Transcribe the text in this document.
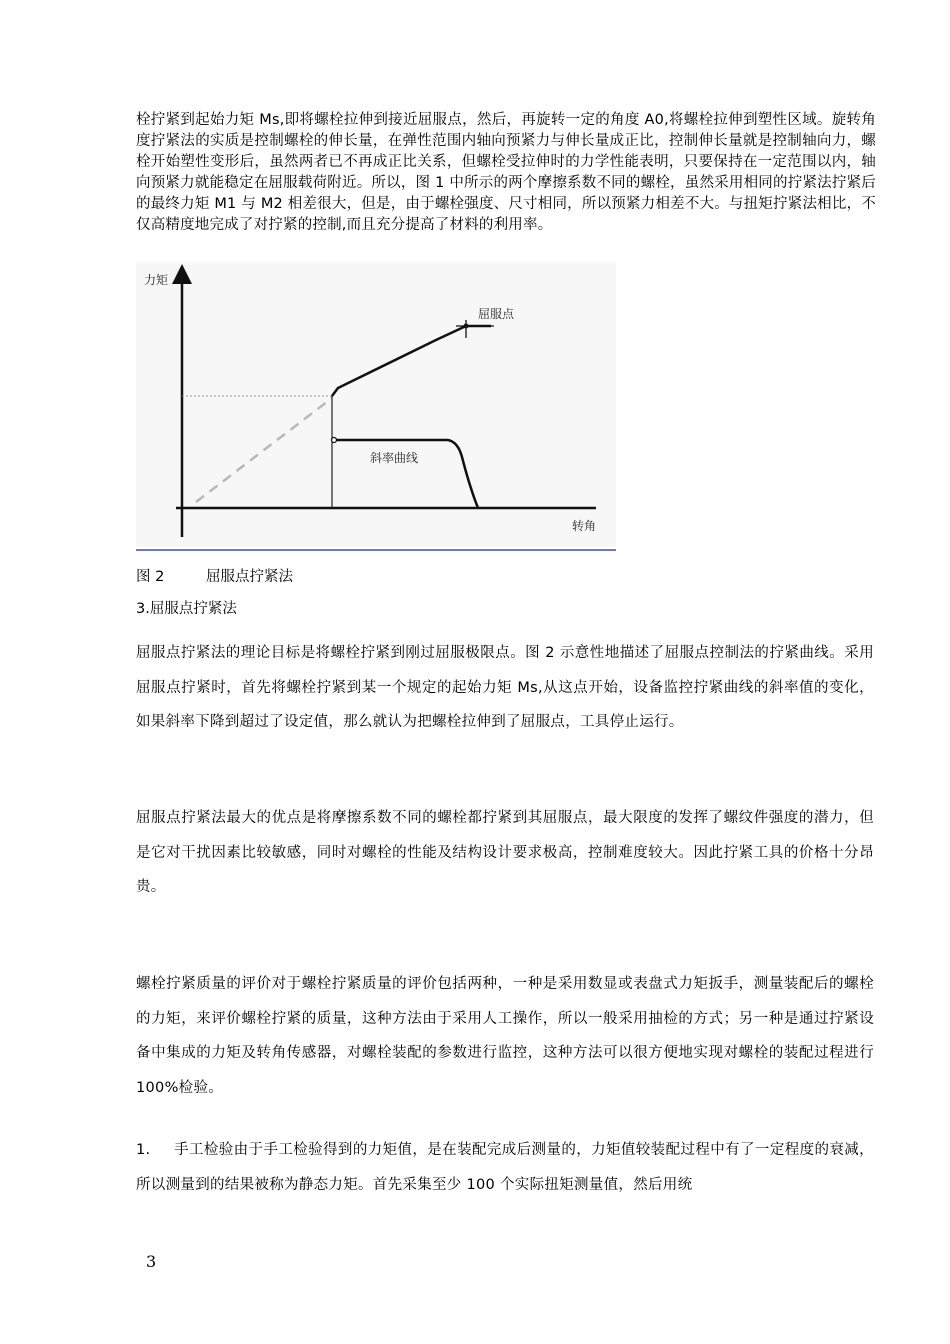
栓拧紧到起始力矩 Ms,即将螺栓拉伸到接近屈服点，然后，再旋转一定的角度 A0,将螺栓拉伸到塑性区域。旋转角度拧紧法的实质是控制螺栓的伸长量，在弹性范围内轴向预紧力与伸长量成正比，控制伸长量就是控制轴向力，螺栓开始塑性变形后，虽然两者已不再成正比关系，但螺栓受拉伸时的力学性能表明，只要保持在一定范围以内，轴向预紧力就能稳定在屈服载荷附近。所以，图 1 中所示的两个摩擦系数不同的螺栓，虽然采用相同的拧紧法拧紧后的最终力矩 M1 与 M2 相差很大，但是，由于螺栓强度、尺寸相同，所以预紧力相差不大。与扭矩拧紧法相比，不仅高精度地完成了对拧紧的控制,而且充分提高了材料的利用率。

力矩
屈服点
斜率曲线
转角
图 2	屈服点拧紧法
3.屈服点拧紧法

屈服点拧紧法的理论目标是将螺栓拧紧到刚过屈服极限点。图 2 示意性地描述了屈服点控制法的拧紧曲线。采用屈服点拧紧时，首先将螺栓拧紧到某一个规定的起始力矩 Ms,从这点开始，设备监控拧紧曲线的斜率值的变化，如果斜率下降到超过了设定值，那么就认为把螺栓拉伸到了屈服点，工具停止运行。

屈服点拧紧法最大的优点是将摩擦系数不同的螺栓都拧紧到其屈服点，最大限度的发挥了螺纹件强度的潜力，但是它对干扰因素比较敏感，同时对螺栓的性能及结构设计要求极高，控制难度较大。因此拧紧工具的价格十分昂贵。

螺栓拧紧质量的评价对于螺栓拧紧质量的评价包括两种，一种是采用数显或表盘式力矩扳手，测量装配后的螺栓的力矩，来评价螺栓拧紧的质量，这种方法由于采用人工操作，所以一般采用抽检的方式；另一种是通过拧紧设备中集成的力矩及转角传感器，对螺栓装配的参数进行监控，这种方法可以很方便地实现对螺栓的装配过程进行100%检验。

1. 手工检验由于手工检验得到的力矩值，是在装配完成后测量的，力矩值较装配过程中有了一定程度的衰减，所以测量到的结果被称为静态力矩。首先采集至少 100 个实际扭矩测量值，然后用统

3
